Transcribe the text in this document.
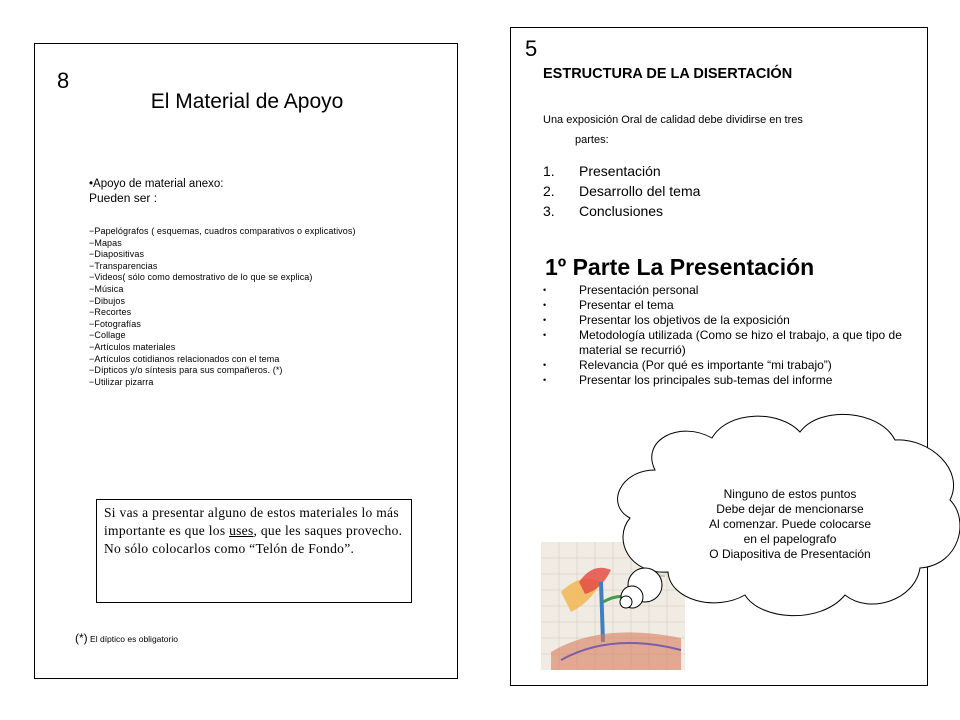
8
El Material de Apoyo
•Apoyo de material anexo:
Pueden ser :
− Papelógrafos ( esquemas, cuadros comparativos o explicativos)
− Mapas
− Diapositivas
− Transparencias
− Videos( sólo como demostrativo de lo que se explica)
− Música
− Dibujos
− Recortes
− Fotografías
− Collage
− Artículos materiales
− Artículos cotidianos relacionados con el tema
− Dípticos y/o síntesis para sus compañeros. (*)
− Utilizar pizarra
Si vas a presentar alguno de estos materiales lo más importante es que los uses, que les saques provecho. No sólo colocarlos como “Telón de Fondo”.
(*) El díptico es obligatorio
5
ESTRUCTURA DE LA DISERTACIÓN
Una exposición Oral de calidad debe dividirse en tres
partes:
1. Presentación
2. Desarrollo del tema
3. Conclusiones
1º Parte La Presentación
• Presentación personal
• Presentar el tema
• Presentar los objetivos de la exposición
• Metodología utilizada (Como se hizo el trabajo, a que tipo de material se recurrió)
• Relevancia (Por qué es importante “mi trabajo”)
• Presentar los principales sub-temas del informe
Ninguno de estos puntos
Debe dejar de mencionarse
Al comenzar. Puede colocarse
en el papelografo
O Diapositiva de Presentación
